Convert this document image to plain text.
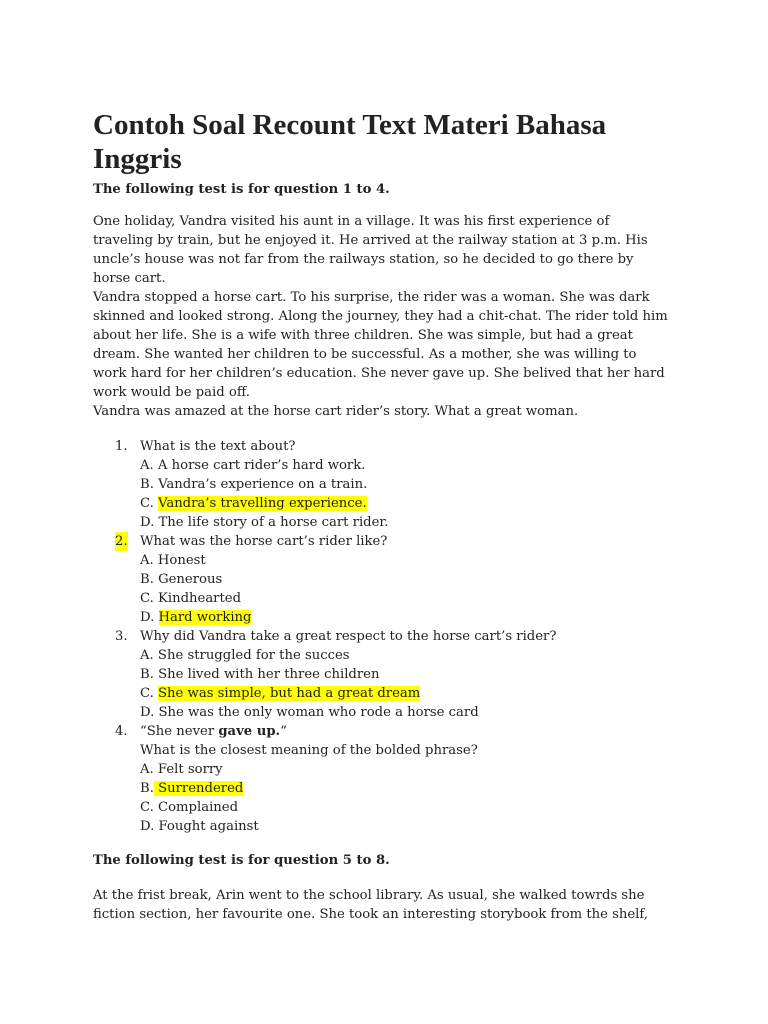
Contoh Soal Recount Text Materi Bahasa Inggris
The following test is for question 1 to 4.

One holiday, Vandra visited his aunt in a village. It was his first experience of traveling by train, but he enjoyed it. He arrived at the railway station at 3 p.m. His uncle’s house was not far from the railways station, so he decided to go there by horse cart.

Vandra stopped a horse cart. To his surprise, the rider was a woman. She was dark skinned and looked strong. Along the journey, they had a chit-chat. The rider told him about her life. She is a wife with three children. She was simple, but had a great dream. She wanted her children to be successful. As a mother, she was willing to work hard for her children’s education. She never gave up. She belived that her hard work would be paid off.

Vandra was amazed at the horse cart rider’s story. What a great woman.

1. What is the text about?
A. A horse cart rider’s hard work.
B. Vandra’s experience on a train.
C. Vandra’s travelling experience.
D. The life story of a horse cart rider.
2. What was the horse cart’s rider like?
A. Honest
B. Generous
C. Kindhearted
D. Hard working
3. Why did Vandra take a great respect to the horse cart’s rider?
A. She struggled for the succes
B. She lived with her three children
C. She was simple, but had a great dream
D. She was the only woman who rode a horse card
4. “She never gave up.“
What is the closest meaning of the bolded phrase?
A. Felt sorry
B. Surrendered
C. Complained
D. Fought against
The following test is for question 5 to 8.

At the frist break, Arin went to the school library. As usual, she walked towrds she fiction section, her favourite one. She took an interesting storybook from the shelf,
